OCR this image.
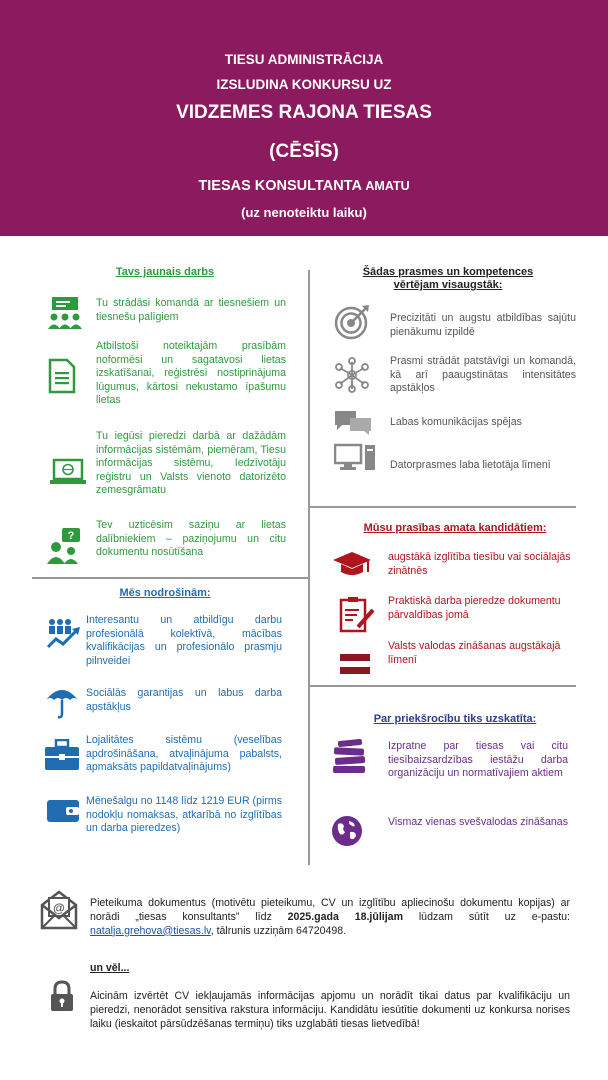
TIESU ADMINISTRĀCIJA
IZSLUDINA KONKURSU UZ
VIDZEMES RAJONA TIESAS
(CĒSĪS)
TIESAS KONSULTANTA AMATU
(uz nenoteiktu laiku)
Tavs jaunais darbs
Tu strādāsi komandā ar tiesnešiem un tiesnešu palīgiem
Atbilstoši noteiktajām prasībām noformēsi un sagatavosi lietas izskatīšanai, reģistrēsi nostiprinājuma lūgumus, kārtosi nekustamo īpašumu lietas
Tu iegūsi pieredzi darbā ar dažādām informācijas sistēmām, piemēram, Tiesu informācijas sistēmu, Iedzīvotāju reģistru un Valsts vienoto datorizēto zemesgrāmatu
?
Tev uzticēsim saziņu ar lietas dalībniekiem – paziņojumu un citu dokumentu nosūtīšana
Mēs nodrošinām:
Interesantu un atbildīgu darbu profesionālā kolektīvā, mācības kvalifikācijas un profesionālo prasmju pilnveidei
Sociālās garantijas un labus darba apstākļus
Lojalitātes sistēmu (veselības apdrošināšana, atvaļinājuma pabalsts, apmaksāts papildatvaļinājums)
Mēnešalgu no 1148 līdz 1219 EUR (pirms nodokļu nomaksas, atkarībā no izglītības un darba pieredzes)
Šādas prasmes un kompetences
vērtējam visaugstāk:
Precizitāti un augstu atbildības sajūtu pienākumu izpildē
Prasmi strādāt patstāvīgi un komandā, kā arī paaugstinātas intensitātes apstākļos
Labas komunikācijas spējas
Datorprasmes laba lietotāja līmenī
Mūsu prasības amata kandidātiem:
augstākā izglītība tiesību vai sociālajās zinātnēs
Praktiskā darba pieredze dokumentu pārvaldības jomā
Valsts valodas zināšanas augstākajā līmenī
Par priekšrocību tiks uzskatīta:
Izpratne par tiesas vai citu tiesībaizsardzības iestāžu darba organizāciju un normatīvajiem aktiem
Vismaz vienas svešvalodas zināšanas
@ Pieteikuma dokumentus (motivētu pieteikumu, CV un izglītību apliecinošu dokumentu kopijas) ar norādi „tiesas konsultants” līdz 2025.gada 18.jūlijam lūdzam sūtīt uz e-pastu: natalja.grehova@tiesas.lv, tālrunis uzziņām 64720498.
un vēl...
Aicinām izvērtēt CV iekļaujamās informācijas apjomu un norādīt tikai datus par kvalifikāciju un pieredzi, nenorādot sensitīva rakstura informāciju. Kandidātu iesūtītie dokumenti uz konkursa norises laiku (ieskaitot pārsūdzēšanas termiņu) tiks uzglabāti tiesas lietvedībā!
